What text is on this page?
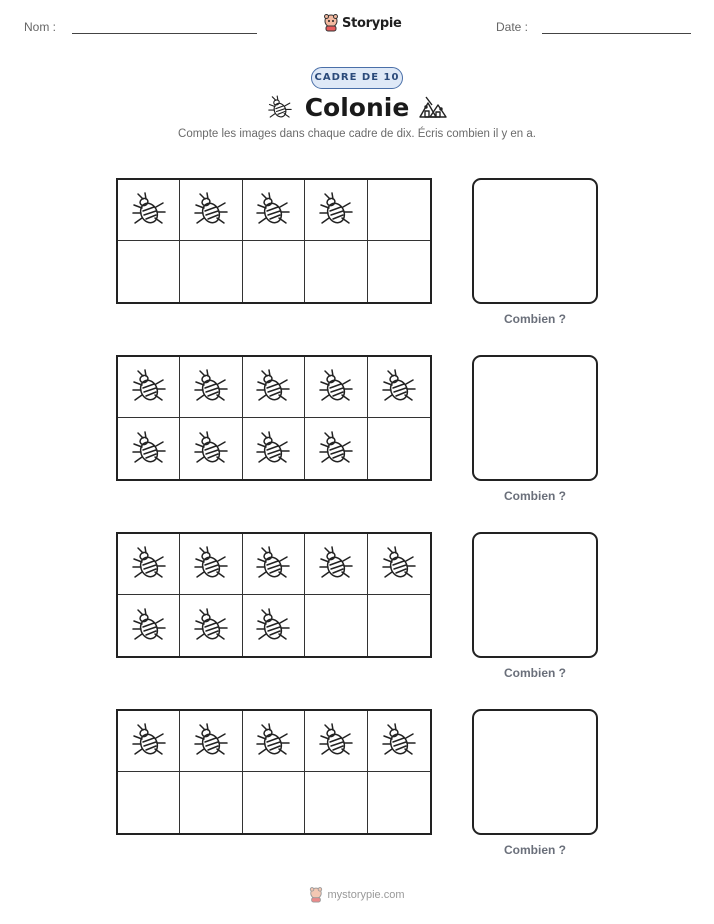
Nom :	Storypie	Date :
CADRE DE 10
Colonie
Compte les images dans chaque cadre de dix. Écris combien il y en a.
Combien ?
Combien ?
Combien ?
Combien ?
mystorypie.com
